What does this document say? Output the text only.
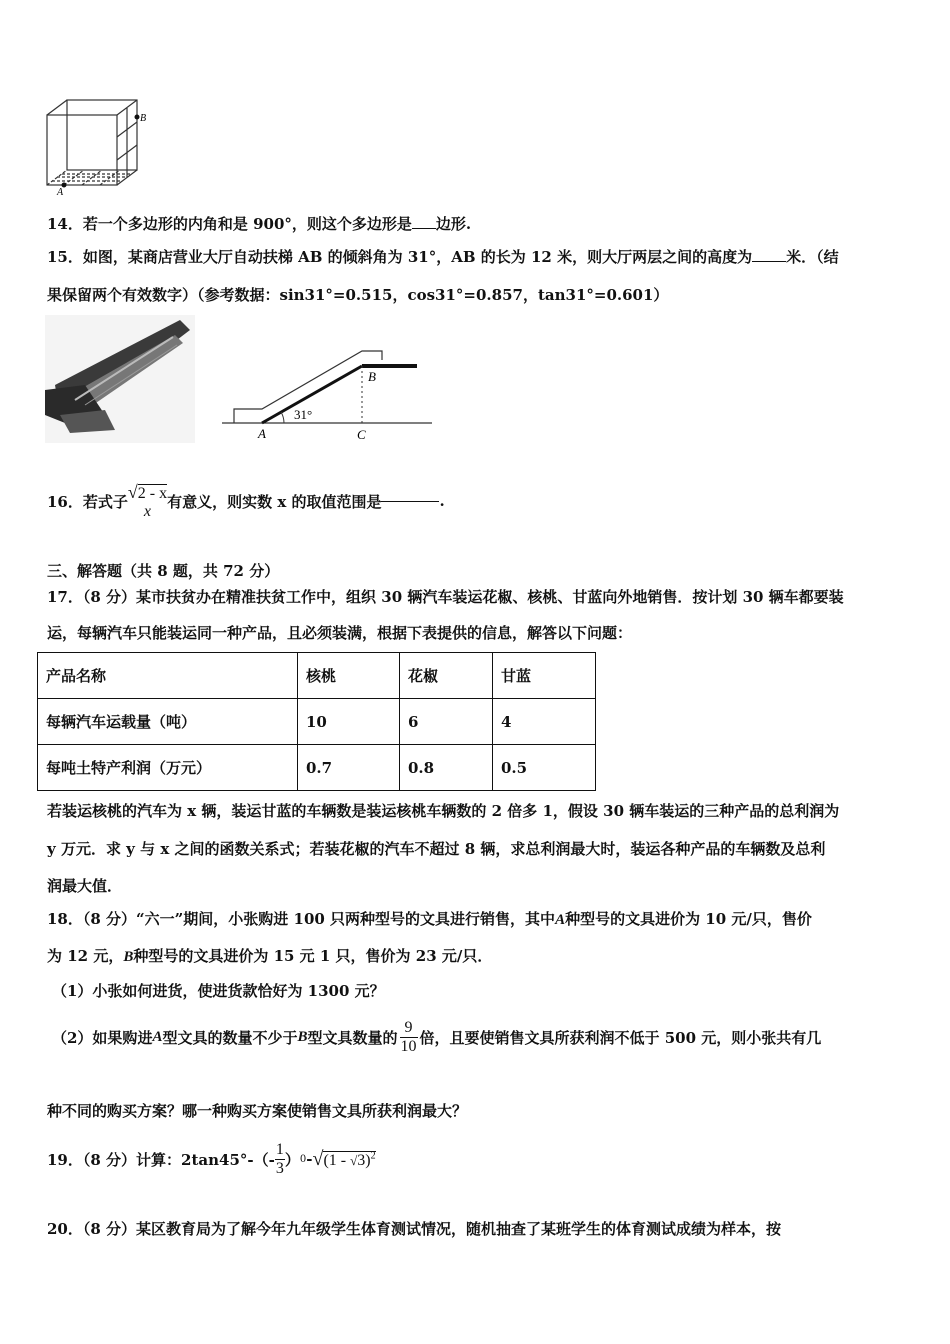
B
A
14．若一个多边形的内角和是 900°，则这个多边形是 边形.
15．如图，某商店营业大厅自动扶梯 AB 的倾斜角为 31°，AB 的长为 12 米，则大厅两层之间的高度为 米．（结
果保留两个有效数字）（参考数据：sin31°=0.515，cos31°=0.857，tan31°=0.601）
31°
B
A	C
16．若式子 √2 - x
x
有意义，则实数 x 的取值范围是	.
三、解答题（共 8 题，共 72 分）
17．（8 分）某市扶贫办在精准扶贫工作中，组织 30 辆汽车装运花椒、核桃、甘蓝向外地销售．按计划 30 辆车都要装
运，每辆汽车只能装运同一种产品，且必须装满，根据下表提供的信息，解答以下问题：
产品名称	核桃	花椒	甘蓝
每辆汽车运载量（吨）	10	6	4
每吨土特产利润（万元）	0.7	0.8	0.5
若装运核桃的汽车为 x 辆，装运甘蓝的车辆数是装运核桃车辆数的 2 倍多 1，假设 30 辆车装运的三种产品的总利润为
y 万元．求 y 与 x 之间的函数关系式；若装花椒的汽车不超过 8 辆，求总利润最大时，装运各种产品的车辆数及总利
润最大值．
18．（8 分）“六一”期间，小张购进 100 只两种型号的文具进行销售，其中A种型号的文具进价为 10 元/只，售价
为 12 元，B种型号的文具进价为 15 元 1 只，售价为 23 元/只．
（1）小张如何进货，使进货款恰好为 1300 元？
（2）如果购进 A 型文具的数量不少于 B 型文具数量的 $\frac{9}{10}$ 倍，且要使销售文具所获利润不低于 500 元，则小张共有几
种不同的购买方案？哪一种购买方案使销售文具所获利润最大？
19．（8 分）计算：$2\tan 45^\circ-(- \frac{1}{3}$ ） 0 - √(1 - √3)$^2$
20．（8 分）某区教育局为了解今年九年级学生体育测试情况，随机抽查了某班学生的体育测试成绩为样本，按
